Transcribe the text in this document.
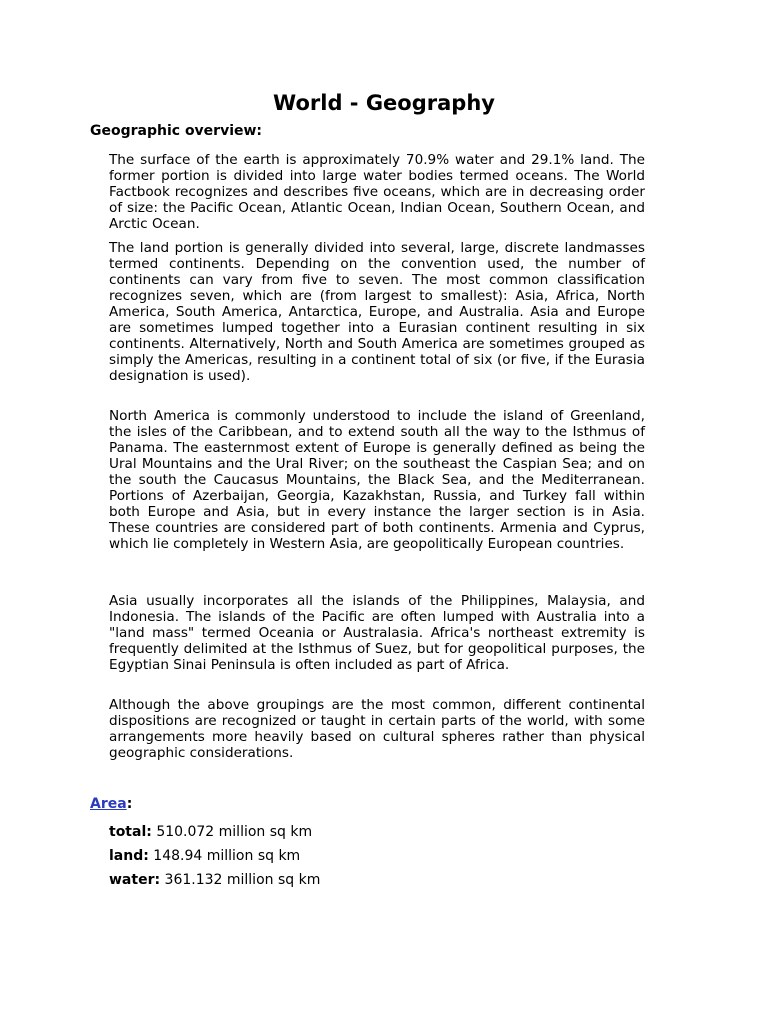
World - Geography
Geographic overview:

The surface of the earth is approximately 70.9% water and 29.1% land. The former portion is divided into large water bodies termed oceans. The World Factbook recognizes and describes five oceans, which are in decreasing order of size: the Pacific Ocean, Atlantic Ocean, Indian Ocean, Southern Ocean, and Arctic Ocean.

The land portion is generally divided into several, large, discrete landmasses termed continents. Depending on the convention used, the number of continents can vary from five to seven. The most common classification recognizes seven, which are (from largest to smallest): Asia, Africa, North America, South America, Antarctica, Europe, and Australia. Asia and Europe are sometimes lumped together into a Eurasian continent resulting in six continents. Alternatively, North and South America are sometimes grouped as simply the Americas, resulting in a continent total of six (or five, if the Eurasia designation is used).

North America is commonly understood to include the island of Greenland, the isles of the Caribbean, and to extend south all the way to the Isthmus of Panama. The easternmost extent of Europe is generally defined as being the Ural Mountains and the Ural River; on the southeast the Caspian Sea; and on the south the Caucasus Mountains, the Black Sea, and the Mediterranean. Portions of Azerbaijan, Georgia, Kazakhstan, Russia, and Turkey fall within both Europe and Asia, but in every instance the larger section is in Asia. These countries are considered part of both continents. Armenia and Cyprus, which lie completely in Western Asia, are geopolitically European countries.

Asia usually incorporates all the islands of the Philippines, Malaysia, and Indonesia. The islands of the Pacific are often lumped with Australia into a "land mass" termed Oceania or Australasia. Africa's northeast extremity is frequently delimited at the Isthmus of Suez, but for geopolitical purposes, the Egyptian Sinai Peninsula is often included as part of Africa.

Although the above groupings are the most common, different continental dispositions are recognized or taught in certain parts of the world, with some arrangements more heavily based on cultural spheres rather than physical geographic considerations.

Area:
total: 510.072 million sq km
land: 148.94 million sq km
water: 361.132 million sq km
